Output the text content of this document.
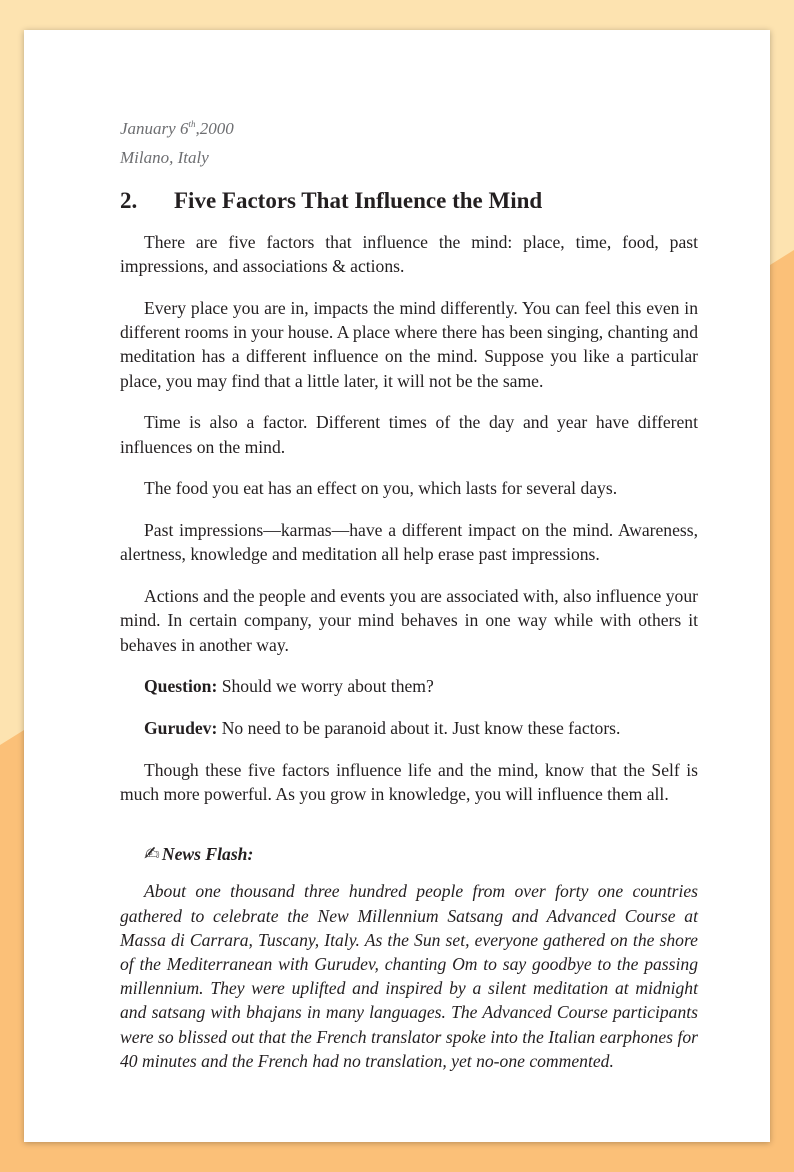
January 6th,2000
Milano, Italy
2.	Five Factors That Influence the Mind

There are five factors that influence the mind: place, time, food, past impressions, and associations & actions.

Every place you are in, impacts the mind differently. You can feel this even in different rooms in your house. A place where there has been singing, chanting and meditation has a different influence on the mind. Suppose you like a particular place, you may find that a little later, it will not be the same.

Time is also a factor. Different times of the day and year have different influences on the mind.

The food you eat has an effect on you, which lasts for several days.

Past impressions—karmas—have a different impact on the mind. Awareness, alertness, knowledge and meditation all help erase past impressions.

Actions and the people and events you are associated with, also influence your mind. In certain company, your mind behaves in one way while with others it behaves in another way.

Question: Should we worry about them?

Gurudev: No need to be paranoid about it. Just know these factors.

Though these five factors influence life and the mind, know that the Self is much more powerful. As you grow in knowledge, you will influence them all.

✍ News Flash:

About one thousand three hundred people from over forty one countries gathered to celebrate the New Millennium Satsang and Advanced Course at Massa di Carrara, Tuscany, Italy. As the Sun set, everyone gathered on the shore of the Mediterranean with Gurudev, chanting Om to say goodbye to the passing millennium. They were uplifted and inspired by a silent meditation at midnight and satsang with bhajans in many languages. The Advanced Course participants were so blissed out that the French translator spoke into the Italian earphones for 40 minutes and the French had no translation, yet no-one commented.
